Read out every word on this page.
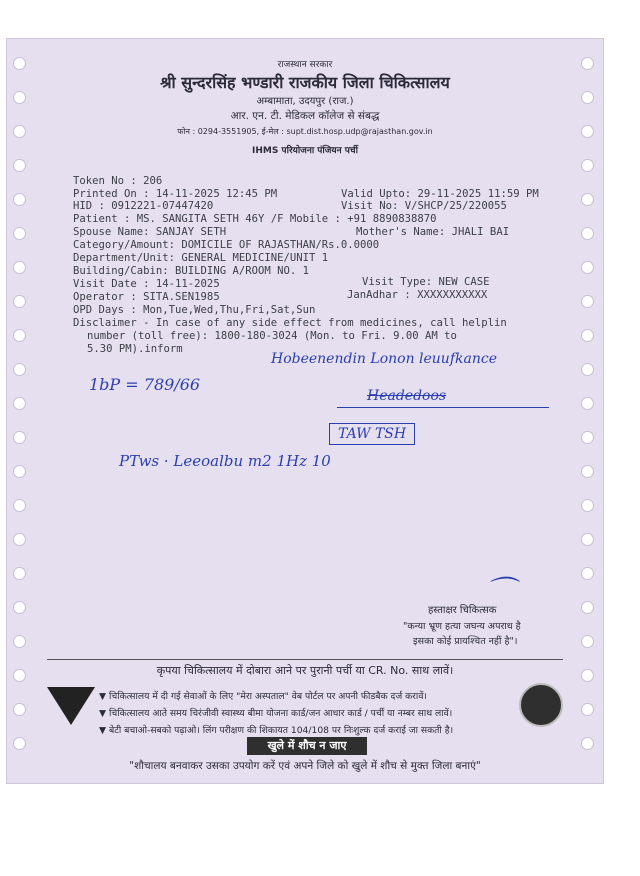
राजस्थान सरकार
श्री सुन्दरसिंह भण्डारी राजकीय जिला चिकित्सालय
अम्बामाता, उदयपुर (राज.)
आर. एन. टी. मेडिकल कॉलेज से संबद्ध
फोन : 0294-3551905, ई-मेल : supt.dist.hosp.udp@rajasthan.gov.in
IHMS परियोजना पंजियन पर्ची
Token No : 206
Printed On : 14-11-2025 12:45 PM	Valid Upto: 29-11-2025 11:59 PM
HID : 0912221-07447420	Visit No: V/SHCP/25/220055
Patient : MS. SANGITA SETH 46Y /F Mobile : +91 8890838870
Spouse Name: SANJAY SETH	Mother's Name: JHALI BAI
Category/Amount: DOMICILE OF RAJASTHAN/Rs.0.0000
Department/Unit: GENERAL MEDICINE/UNIT 1
Building/Cabin: BUILDING A/ROOM NO. 1
Visit Date : 14-11-2025	Visit Type: NEW CASE
Operator : SITA.SEN1985	JanAdhar : XXXXXXXXXXX
OPD Days : Mon,Tue,Wed,Thu,Fri,Sat,Sun
Disclaimer - In case of any side effect from medicines, call helplin
number (toll free): 1800-180-3024 (Mon. to Fri. 9.00 AM to
5.30 PM).inform
Hobeenendin Lonon leuufkance
Headedoos
1bP = 789/66
TAW TSH
PTws · Leeoalbu m2 1Hz 10
⌒
हस्ताक्षर चिकित्सक
"कन्या भ्रूण हत्या जघन्य अपराध है
इसका कोई प्रायश्चित नहीं है"।
कृपया चिकित्सालय में दोबारा आने पर पुरानी पर्ची या CR. No. साथ लावें।
▼ चिकित्सालय में दी गई सेवाओं के लिए "मेरा अस्पताल" वेब पोर्टल पर अपनी फीडबैक दर्ज करावें।
▼ चिकित्सालय आते समय चिरंजीवी स्वास्थ्य बीमा योजना कार्ड/जन आधार कार्ड / पर्ची या नम्बर साथ लावें।
▼ बेटी बचाओ-सबको पढ़ाओ। लिंग परीक्षण की शिकायत 104/108 पर निःशुल्क दर्ज कराई जा सकती है।
खुले में शौच न जाए
"शौचालय बनवाकर उसका उपयोग करें एवं अपने जिले को खुले में शौच से मुक्त जिला बनाएं"
